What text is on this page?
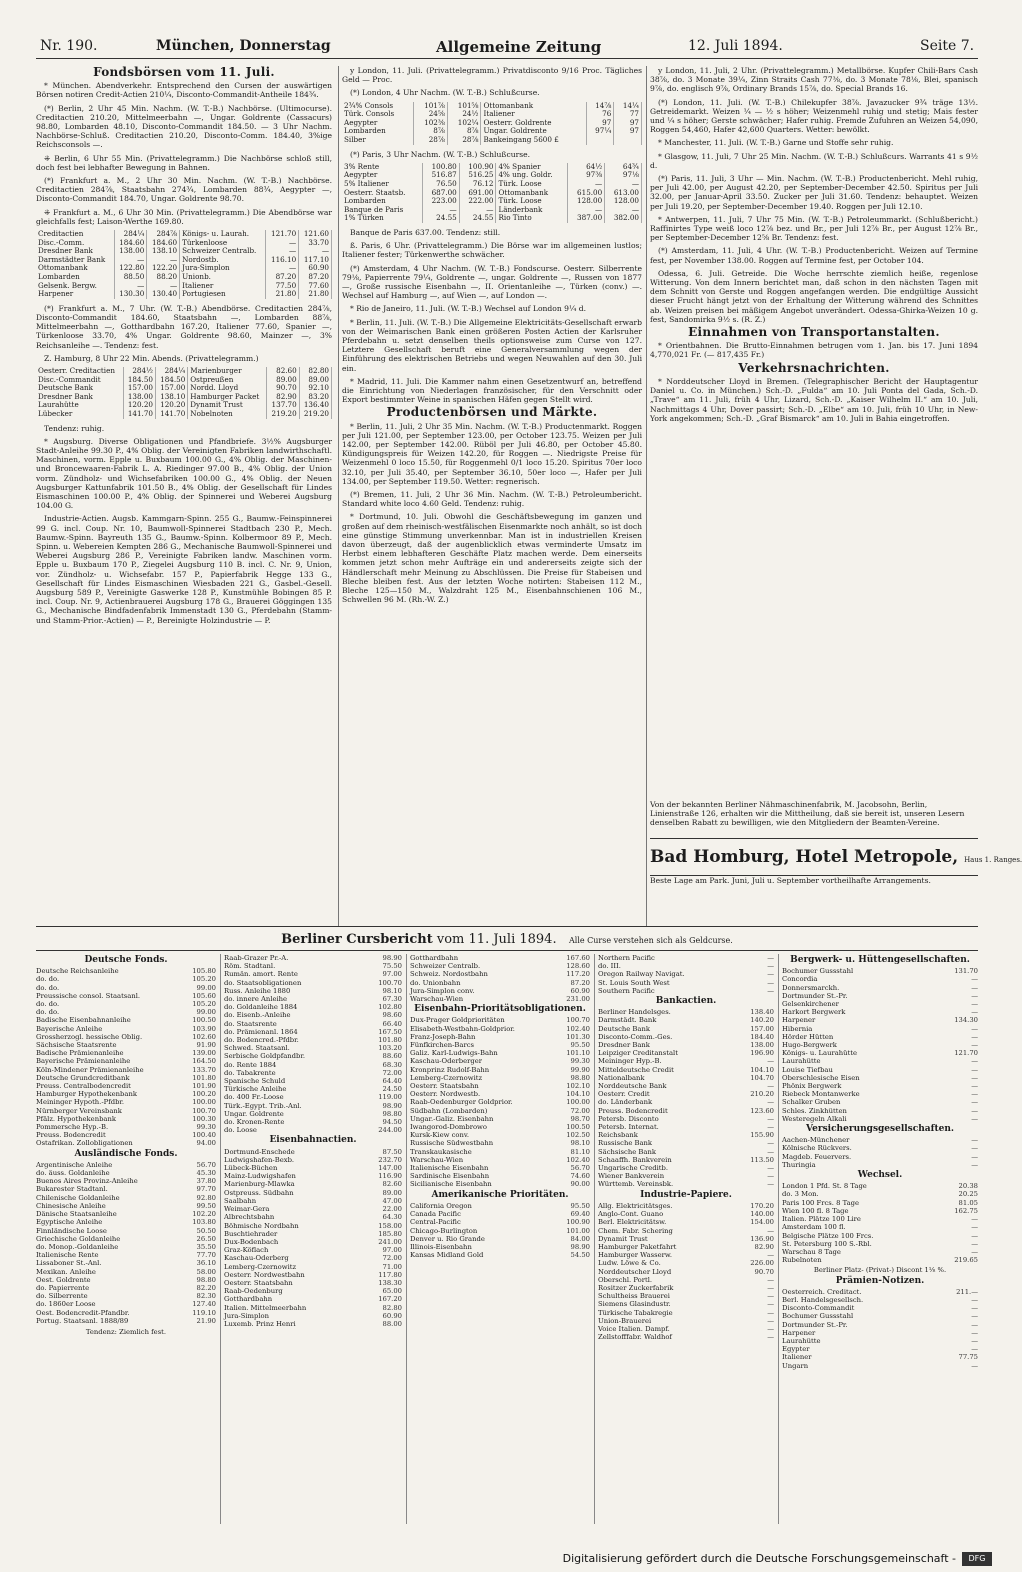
Nr. 190.	München, Donnerstag	Allgemeine Zeitung	12. Juli 1894.	Seite 7.
Fondsbörsen vom 11. Juli.

* München. Abendverkehr. Entsprechend den Cursen der auswärtigen Börsen notiren Credit-Actien 210¼, Disconto-Commandit-Antheile 184¾.

(*) Berlin, 2 Uhr 45 Min. Nachm. (W. T.-B.) Nachbörse. (Ultimocurse). Creditactien 210.20, Mittelmeerbahn —, Ungar. Goldrente (Cassacurs) 98.80, Lombarden 48.10, Disconto-Commandit 184.50. — 3 Uhr Nachm. Nachbörse-Schluß. Creditactien 210.20, Disconto-Comm. 184.40, 3%ige Reichsconsols —.

⁜ Berlin, 6 Uhr 55 Min. (Privattelegramm.) Die Nachbörse schloß still, doch fest bei lebhafter Bewegung in Bahnen.

(*) Frankfurt a. M., 2 Uhr 30 Min. Nachm. (W. T.-B.) Nachbörse. Creditactien 284⅞, Staatsbahn 274¾, Lombarden 88¾, Aegypter —, Disconto-Commandit 184.70, Ungar. Goldrente 98.70.

⁜ Frankfurt a. M., 6 Uhr 30 Min. (Privattelegramm.) Die Abendbörse war gleichfalls fest; Laison-Werthe 169.80.

Creditactien	284¼	284⅞	Königs- u. Laurah.	121.70	121.60
Disc.-Comm.	184.60	184.60	Türkenloose	—	33.70
Dresdner Bank	138.00	138.10	Schweizer Centralb.	—	—
Darmstädter Bank	—	—	Nordostb.	116.10	117.10
Ottomanbank	122.80	122.20	Jura-Simplon	—	60.90
Lombarden	88.50	88.20	Unionb.	87.20	87.20
Gelsenk. Bergw.	—	—	Italiener	77.50	77.60
Harpener	130.30	130.40	Portugiesen	21.80	21.80

(*) Frankfurt a. M., 7 Uhr. (W. T.-B.) Abendbörse. Creditactien 284⅞, Disconto-Commandit 184.60, Staatsbahn —, Lombarden 88⅞, Mittelmeerbahn —, Gotthardbahn 167.20, Italiener 77.60, Spanier —, Türkenloose 33.70, 4% Ungar. Goldrente 98.60, Mainzer —, 3% Reichsanleihe —. Tendenz: fest.

Z. Hamburg, 8 Uhr 22 Min. Abends. (Privattelegramm.)

Oesterr. Creditactien	284½	284¼	Marienburger	82.60	82.80
Disc.-Commandit	184.50	184.50	Ostpreußen	89.00	89.00
Deutsche Bank	157.00	157.00	Nordd. Lloyd	90.70	92.10
Dresdner Bank	138.00	138.10	Hamburger Packet	82.90	83.20
Laurahütte	120.20	120.20	Dynamit Trust	137.70	136.40
Lübecker	141.70	141.70	Nobelnoten	219.20	219.20

Tendenz: ruhig.

* Augsburg. Diverse Obligationen und Pfandbriefe. 3½% Augsburger Stadt-Anleihe 99.30 P., 4% Oblig. der Vereinigten Fabriken landwirthschaftl. Maschinen, vorm. Epple u. Buxbaum 100.00 G., 4% Oblig. der Maschinen- und Broncewaaren-Fabrik L. A. Riedinger 97.00 B., 4% Oblig. der Union vorm. Zündholz- und Wichsefabriken 100.00 G., 4% Oblig. der Neuen Augsburger Kattunfabrik 101.50 B., 4% Oblig. der Gesellschaft für Lindes Eismaschinen 100.00 P., 4% Oblig. der Spinnerei und Weberei Augsburg 104.00 G.

Industrie-Actien. Augsb. Kammgarn-Spinn. 255 G., Baumw.-Feinspinnerei 99 G. incl. Coup. Nr. 10, Baumwoll-Spinnerei Stadtbach 230 P., Mech. Baumw.-Spinn. Bayreuth 135 G., Baumw.-Spinn. Kolbermoor 89 P., Mech. Spinn. u. Webereien Kempten 286 G., Mechanische Baumwoll-Spinnerei und Weberei Augsburg 286 P., Vereinigte Fabriken landw. Maschinen vorm. Epple u. Buxbaum 170 P., Ziegelei Augsburg 110 B. incl. C. Nr. 9, Union, vor. Zündholz- u. Wichsefabr. 157 P., Papierfabrik Hegge 133 G., Gesellschaft für Lindes Eismaschinen Wiesbaden 221 G., Gasbel.-Gesell. Augsburg 589 P., Vereinigte Gaswerke 128 P., Kunstmühle Bobingen 85 P. incl. Coup. Nr. 9, Actienbrauerei Augsburg 178 G., Brauerei Göggingen 135 G., Mechanische Bindfadenfabrik Immenstadt 130 G., Pferdebahn (Stamm- und Stamm-Prior.-Actien) — P., Bereinigte Holzindustrie — P.

y London, 11. Juli. (Privattelegramm.) Privatdisconto 9/16 Proc. Tägliches Geld — Proc.

(*) London, 4 Uhr Nachm. (W. T.-B.) Schlußcurse.

2¾% Consols	101⅞	101⅝	Ottomanbank	14⅞	14¼
Türk. Consols	24⅝	24½	Italiener	76	77
Aegypter	102⅜	102¼	Oesterr. Goldrente	97	97
Lombarden	8⅞	8⅞	Ungar. Goldrente	97¼	97
Silber	28⅞	28⅞	Bankeingang 5600 £		

(*) Paris, 3 Uhr Nachm. (W. T.-B.) Schlußcurse.

3% Rente	100.80	100.90	4% Spanier	64½	64¾
Aegypter	516.87	516.25	4% ung. Goldr.	97⅜	97⅛
5% Italiener	76.50	76.12	Türk. Loose	—	—
Oesterr. Staatsb.	687.00	691.00	Ottomanbank	615.00	613.00
Lombarden	223.00	222.00	Türk. Loose	128.00	128.00
Banque de Paris	—	—	Länderbank	—	—
1% Türken	24.55	24.55	Rio Tinto	387.00	382.00

Banque de Paris 637.00. Tendenz: still.

ß. Paris, 6 Uhr. (Privattelegramm.) Die Börse war im allgemeinen lustlos; Italiener fester; Türkenwerthe schwächer.

(*) Amsterdam, 4 Uhr Nachm. (W. T.-B.) Fondscurse. Oesterr. Silberrente 79⅛, Papierrente 79¼, Goldrente —, ungar. Goldrente —, Russen von 1877 —, Große russische Eisenbahn —, II. Orientanleihe —, Türken (conv.) —. Wechsel auf Hamburg —, auf Wien —, auf London —.

* Rio de Janeiro, 11. Juli. (W. T.-B.) Wechsel auf London 9¼ d.

* Berlin, 11. Juli. (W. T.-B.) Die Allgemeine Elektricitäts-Gesellschaft erwarb von der Weimarischen Bank einen größeren Posten Actien der Karlsruher Pferdebahn u. setzt denselben theils optionsweise zum Curse von 127. Letztere Gesellschaft beruft eine Generalversammlung wegen der Einführung des elektrischen Betriebs und wegen Neuwahlen auf den 30. Juli ein.

* Madrid, 11. Juli. Die Kammer nahm einen Gesetzentwurf an, betreffend die Einrichtung von Niederlagen französischer, für den Verschnitt oder Export bestimmter Weine in spanischen Häfen gegen Stellt wird.

Productenbörsen und Märkte.

* Berlin, 11. Juli, 2 Uhr 35 Min. Nachm. (W. T.-B.) Productenmarkt. Roggen per Juli 121.00, per September 123.00, per October 123.75. Weizen per Juli 142.00, per September 142.00. Rüböl per Juli 46.80, per October 45.80. Kündigungspreis für Weizen 142.20, für Roggen —. Niedrigste Preise für Weizenmehl 0 loco 15.50, für Roggenmehl 0/1 loco 15.20. Spiritus 70er loco 32.10, per Juli 35.40, per September 36.10, 50er loco —, Hafer per Juli 134.00, per September 119.50. Wetter: regnerisch.

(*) Bremen, 11. Juli, 2 Uhr 36 Min. Nachm. (W. T.-B.) Petroleumbericht. Standard white loco 4.60 Geld. Tendenz: ruhig.

* Dortmund, 10. Juli. Obwohl die Geschäftsbewegung im ganzen und großen auf dem rheinisch-westfälischen Eisenmarkte noch anhält, so ist doch eine günstige Stimmung unverkennbar. Man ist in industriellen Kreisen davon überzeugt, daß der augenblicklich etwas verminderte Umsatz im Herbst einem lebhafteren Geschäfte Platz machen werde. Dem einerseits kommen jetzt schon mehr Aufträge ein und andererseits zeigte sich der Händlerschaft mehr Meinung zu Abschlüssen. Die Preise für Stabeisen und Bleche bleiben fest. Aus der letzten Woche notirten: Stabeisen 112 M., Bleche 125—150 M., Walzdraht 125 M., Eisenbahnschienen 106 M., Schwellen 96 M. (Rh.-W. Z.)

y London, 11. Juli, 2 Uhr. (Privattelegramm.) Metallbörse. Kupfer Chili-Bars Cash 38⅞, do. 3 Monate 39¼, Zinn Straits Cash 77⅜, do. 3 Monate 78⅛, Blei, spanisch 9⅞, do. englisch 9⅞, Ordinary Brands 15⅞, do. Special Brands 16.

(*) London, 11. Juli. (W. T.-B.) Chilekupfer 38⅞. Javazucker 9¾ träge 13½. Getreidemarkt. Weizen ¼ — ½ s höher; Weizenmehl ruhig und stetig; Mais fester und ¼ s höher; Gerste schwächer; Hafer ruhig. Fremde Zufuhren an Weizen 54,090, Roggen 54,460, Hafer 42,600 Quarters. Wetter: bewölkt.

* Manchester, 11. Juli. (W. T.-B.) Garne und Stoffe sehr ruhig.

* Glasgow, 11. Juli, 7 Uhr 25 Min. Nachm. (W. T.-B.) Schlußcurs. Warrants 41 s 9½ d.

(*) Paris, 11. Juli, 3 Uhr — Min. Nachm. (W. T.-B.) Productenbericht. Mehl ruhig, per Juli 42.00, per August 42.20, per September-December 42.50. Spiritus per Juli 32.00, per Januar-April 33.50. Zucker per Juli 31.60. Tendenz: behauptet. Weizen per Juli 19.20, per September-December 19.40. Roggen per Juli 12.10.

* Antwerpen, 11. Juli, 7 Uhr 75 Min. (W. T.-B.) Petroleummarkt. (Schlußbericht.) Raffinirtes Type weiß loco 12⅞ bez. und Br., per Juli 12⅞ Br., per August 12⅞ Br., per September-December 12⅝ Br. Tendenz: fest.

(*) Amsterdam, 11. Juli, 4 Uhr. (W. T.-B.) Productenbericht. Weizen auf Termine fest, per November 138.00. Roggen auf Termine fest, per October 104.

Odessa, 6. Juli. Getreide. Die Woche herrschte ziemlich heiße, regenlose Witterung. Von dem Innern berichtet man, daß schon in den nächsten Tagen mit dem Schnitt von Gerste und Roggen angefangen werden. Die endgültige Aussicht dieser Frucht hängt jetzt von der Erhaltung der Witterung während des Schnittes ab. Weizen preisen bei mäßigem Angebot unverändert. Odessa-Ghirka-Weizen 10 g. fest, Sandomirka 9½ s. (R. Z.)

Einnahmen von Transportanstalten.

* Orientbahnen. Die Brutto-Einnahmen betrugen vom 1. Jan. bis 17. Juni 1894 4,770,021 Fr. (— 817,435 Fr.)

Verkehrsnachrichten.

* Norddeutscher Lloyd in Bremen. (Telegraphischer Bericht der Hauptagentur Daniel u. Co. in München.) Sch.-D. „Fulda“ am 10. Juli Ponta del Gada, Sch.-D. „Trave“ am 11. Juli, früh 4 Uhr, Lizard, Sch.-D. „Kaiser Wilhelm II.“ am 10. Juli, Nachmittags 4 Uhr, Dover passirt; Sch.-D. „Elbe“ am 10. Juli, früh 10 Uhr, in New-York angekommen; Sch.-D. „Graf Bismarck“ am 10. Juli in Bahia eingetroffen.

Von der bekannten Berliner Nähmaschinenfabrik, M. Jacobsohn, Berlin, Linienstraße 126, erhalten wir die Mittheilung, daß sie bereit ist, unseren Lesern denselben Rabatt zu bewilligen, wie den Mitgliedern der Beamten-Vereine.
Bad Homburg, Hotel Metropole, Haus 1. Ranges.

Beste Lage am Park. Juni, Juli u. September vortheilhafte Arrangements.
Berliner Cursbericht vom 11. Juli 1894. Alle Curse verstehen sich als Geldcurse.
Deutsche Fonds.
Deutsche Reichsanleihe	105.80
do. do.	105.20
do. do.	99.00
Preussische consol. Staatsanl.	105.60
do. do.	105.20
do. do.	99.00
Badische Eisenbahnanleihe	100.50
Bayerische Anleihe	103.90
Grossherzogl. hessische Oblig.	102.60
Sächsische Staatsrente	91.90
Badische Prämienanleihe	139.00
Bayerische Prämienanleihe	164.50
Köln-Mindener Prämienanleihe	133.70
Deutsche Grundcreditbank	101.80
Preuss. Centralbodencredit	101.90
Hamburger Hypothekenbank	100.20
Meininger Hypoth.-Pfdbr.	100.00
Nürnberger Vereinsbank	100.70
Pfälz. Hypothekenbank	100.30
Pommersche Hyp.-B.	99.30
Preuss. Bodencredit	100.40
Ostafrikan. Zollobligationen	94.00
Ausländische Fonds.
Argentinische Anleihe	56.70
do. äuss. Goldanleihe	45.30
Buenos Aires Provinz-Anleihe	37.80
Bukarester Stadtanl.	97.70
Chilenische Goldanleihe	92.80
Chinesische Anleihe	99.50
Dänische Staatsanleihe	102.20
Egyptische Anleihe	103.80
Finnländische Loose	50.50
Griechische Goldanleihe	26.50
do. Monop.-Goldanleihe	35.50
Italienische Rente	77.70
Lissaboner St.-Anl.	36.10
Mexikan. Anleihe	58.00
Oest. Goldrente	98.80
do. Papierrente	82.20
do. Silberrente	82.30
do. 1860er Loose	127.40
Oest. Bodencredit-Pfandbr.	119.10
Portug. Staatsanl. 1888/89	21.90
Tendenz: Ziemlich fest.
Raab-Grazer Pr.-A.	98.90
Röm. Stadtanl.	75.50
Rumän. amort. Rente	97.00
do. Staatsobligationen	100.70
Russ. Anleihe 1880	98.10
do. innere Anleihe	67.30
do. Goldanleihe 1884	102.80
do. Eisenb.-Anleihe	98.60
do. Staatsrente	66.40
do. Prämienanl. 1864	167.50
do. Bodencred.-Pfdbr.	101.80
Schwed. Staatsanl.	103.20
Serbische Goldpfandbr.	88.60
do. Rente 1884	68.30
do. Tabakrente	72.00
Spanische Schuld	64.40
Türkische Anleihe	24.50
do. 400 Fr.-Loose	119.00
Türk.-Egypt. Trib.-Anl.	98.90
Ungar. Goldrente	98.80
do. Kronen-Rente	94.50
do. Loose	244.00
Eisenbahnactien.
Dortmund-Enschede	87.50
Ludwigshafen-Bexb.	232.70
Lübeck-Büchen	147.00
Mainz-Ludwigshafen	116.90
Marienburg-Mlawka	82.60
Ostpreuss. Südbahn	89.00
Saalbahn	47.00
Weimar-Gera	22.00
Albrechtsbahn	64.30
Böhmische Nordbahn	158.00
Buschtiehrader	185.80
Dux-Bodenbach	241.00
Graz-Köflach	97.00
Kaschau-Oderberg	72.00
Lemberg-Czernowitz	71.00
Oesterr. Nordwestbahn	117.80
Oesterr. Staatsbahn	138.30
Raab-Oedenburg	65.00
Gotthardbahn	167.20
Italien. Mittelmeerbahn	82.80
Jura-Simplon	60.90
Luxemb. Prinz Henri	88.00
Gotthardbahn	167.60
Schweizer Centralb.	128.60
Schweiz. Nordostbahn	117.20
do. Unionbahn	87.20
Jura-Simplon conv.	60.90
Warschau-Wien	231.00
Eisenbahn-Prioritätsobligationen.
Dux-Prager Goldprioritäten	100.70
Elisabeth-Westbahn-Goldprior.	102.40
Franz-Joseph-Bahn	101.30
Fünfkirchen-Barcs	95.50
Galiz. Karl-Ludwigs-Bahn	101.10
Kaschau-Oderberger	99.30
Kronprinz Rudolf-Bahn	99.90
Lemberg-Czernowitz	98.80
Oesterr. Staatsbahn	102.10
Oesterr. Nordwestb.	104.10
Raab-Oedenburger Goldprior.	100.00
Südbahn (Lombarden)	72.00
Ungar.-Galiz. Eisenbahn	98.70
Iwangorod-Dombrowo	100.50
Kursk-Kiew conv.	102.50
Russische Südwestbahn	98.10
Transkaukasische	81.10
Warschau-Wien	102.40
Italienische Eisenbahn	56.70
Sardinische Eisenbahn	74.60
Sicilianische Eisenbahn	90.00
Amerikanische Prioritäten.
California Oregon	95.50
Canada Pacific	69.40
Central-Pacific	100.90
Chicago-Burlington	101.00
Denver u. Rio Grande	84.00
Illinois-Eisenbahn	98.90
Kansas Midland Gold	54.50
Northern Pacific	—
do. III.	—
Oregon Railway Navigat.	—
St. Louis South West	—
Southern Pacific	—
Bankactien.
Berliner Handelsges.	138.40
Darmstädt. Bank	140.20
Deutsche Bank	157.00
Disconto-Comm.-Ges.	184.40
Dresdner Bank	138.00
Leipziger Creditanstalt	196.90
Meininger Hyp.-B.	—
Mitteldeutsche Credit	104.10
Nationalbank	104.70
Norddeutsche Bank	—
Oesterr. Credit	210.20
do. Länderbank	—
Preuss. Bodencredit	123.60
Petersb. Disconto	—
Petersb. Internat.	—
Reichsbank	155.90
Russische Bank	—
Sächsische Bank	—
Schaaffh. Bankverein	113.50
Ungarische Creditb.	—
Wiener Bankverein	—
Württemb. Vereinsbk.	—
Industrie-Papiere.
Allg. Elektricitätsges.	170.20
Anglo-Cont. Guano	140.00
Berl. Elektricitätsw.	154.00
Chem. Fabr. Schering	—
Dynamit Trust	136.90
Hamburger Paketfahrt	82.90
Hamburger Wasserw.	—
Ludw. Löwe & Co.	226.00
Norddeutscher Lloyd	90.70
Oberschl. Portl.	—
Rositzer Zuckerfabrik	—
Schultheiss Brauerei	—
Siemens Glasindustr.	—
Türkische Tabakregie	—
Union-Brauerei	—
Voice Italien. Dampf.	—
Zellstofffabr. Waldhof	—
Bergwerk- u. Hüttengesellschaften.
Bochumer Gussstahl	131.70
Concordia	—
Donnersmarckh.	—
Dortmunder St.-Pr.	—
Gelsenkirchener	—
Harkort Bergwerk	—
Harpener	134.30
Hibernia	—
Hörder Hütten	—
Hugo-Bergwerk	—
Königs- u. Laurahütte	121.70
Laurahütte	—
Louise Tiefbau	—
Oberschlesische Eisen	—
Phönix Bergwerk	—
Riebeck Montanwerke	—
Schalker Gruben	—
Schles. Zinkhütten	—
Westeregeln Alkali	—
Versicherungsgesellschaften.
Aachen-Münchener	—
Kölnische Rückvers.	—
Magdeb. Feuervers.	—
Thuringia	—
Wechsel.
London 1 Pfd. St. 8 Tage	20.38
do. 3 Mon.	20.25
Paris 100 Frcs. 8 Tage	81.05
Wien 100 fl. 8 Tage	162.75
Italien. Plätze 100 Lire	—
Amsterdam 100 fl.	—
Belgische Plätze 100 Frcs.	—
St. Petersburg 100 S.-Rbl.	—
Warschau 8 Tage	—
Rubelnoten	219.65
Berliner Platz- (Privat-) Discont 1⅛ %.
Prämien-Notizen.
Oesterreich. Creditact.	211.—
Berl. Handelsgesellsch.	—
Disconto-Commandit	—
Bochumer Gussstahl	—
Dortmunder St.-Pr.	—
Harpener	—
Laurahütte	—
Egypter	—
Italiener	77.75
Ungarn	—
Digitalisierung gefördert durch die Deutsche Forschungsgemeinschaft -	DFG
